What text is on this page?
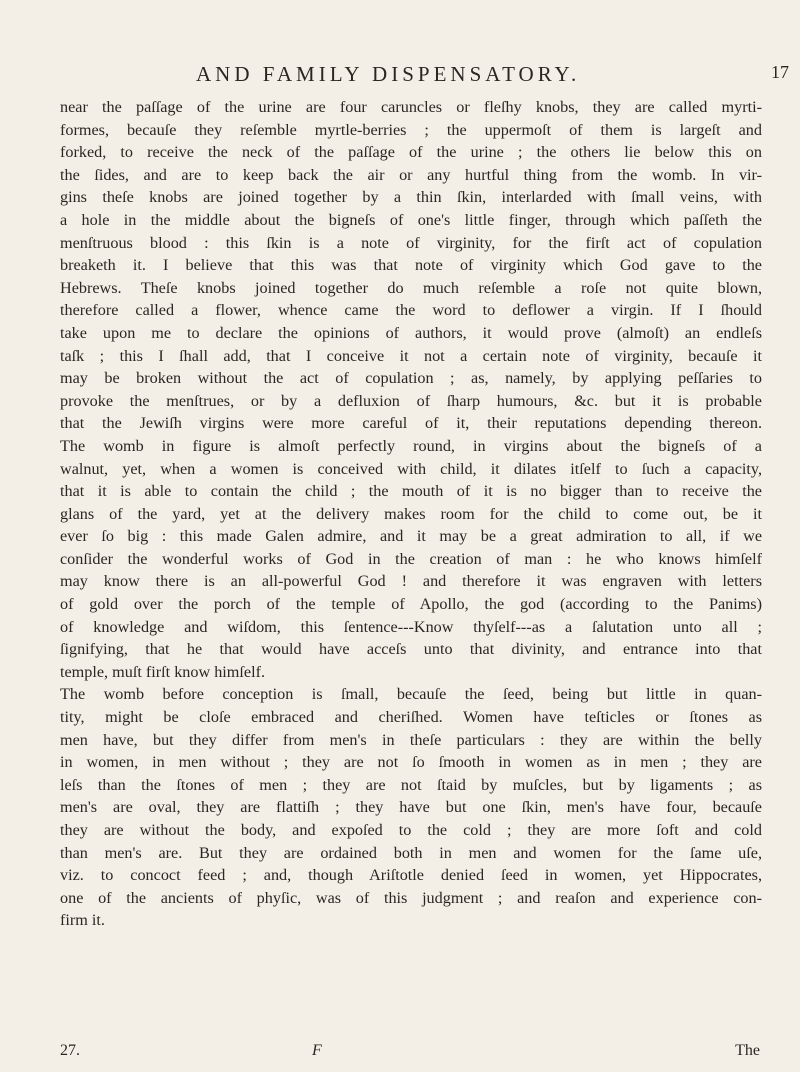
AND FAMILY DISPENSATORY.	17
near the paſſage of the urine are four caruncles or fleſhy knobs, they are called myrti-
formes, becauſe they reſemble myrtle-berries ; the uppermoſt of them is largeſt and
forked, to receive the neck of the paſſage of the urine ; the others lie below this on
the ſides, and are to keep back the air or any hurtful thing from the womb. In vir-
gins theſe knobs are joined together by a thin ſkin, interlarded with ſmall veins, with
a hole in the middle about the bigneſs of one's little finger, through which paſſeth the
menſtruous blood : this ſkin is a note of virginity, for the firſt act of copulation
breaketh it. I believe that this was that note of virginity which God gave to the
Hebrews. Theſe knobs joined together do much reſemble a roſe not quite blown,
therefore called a flower, whence came the word to deflower a virgin. If I ſhould
take upon me to declare the opinions of authors, it would prove (almoſt) an endleſs
taſk ; this I ſhall add, that I conceive it not a certain note of virginity, becauſe it
may be broken without the act of copulation ; as, namely, by applying peſſaries to
provoke the menſtrues, or by a defluxion of ſharp humours, &c. but it is probable
that the Jewiſh virgins were more careful of it, their reputations depending thereon.
The womb in figure is almoſt perfectly round, in virgins about the bigneſs of a
walnut, yet, when a women is conceived with child, it dilates itſelf to ſuch a capacity,
that it is able to contain the child ; the mouth of it is no bigger than to receive the
glans of the yard, yet at the delivery makes room for the child to come out, be it
ever ſo big : this made Galen admire, and it may be a great admiration to all, if we
conſider the wonderful works of God in the creation of man : he who knows himſelf
may know there is an all-powerful God ! and therefore it was engraven with letters
of gold over the porch of the temple of Apollo, the god (according to the Panims)
of knowledge and wiſdom, this ſentence---Know thyſelf---as a ſalutation unto all ;
ſignifying, that he that would have acceſs unto that divinity, and entrance into that
temple, muſt firſt know himſelf.
The womb before conception is ſmall, becauſe the ſeed, being but little in quan-
tity, might be cloſe embraced and cheriſhed. Women have teſticles or ſtones as
men have, but they differ from men's in theſe particulars : they are within the belly
in women, in men without ; they are not ſo ſmooth in women as in men ; they are
leſs than the ſtones of men ; they are not ſtaid by muſcles, but by ligaments ; as
men's are oval, they are flattiſh ; they have but one ſkin, men's have four, becauſe
they are without the body, and expoſed to the cold ; they are more ſoft and cold
than men's are. But they are ordained both in men and women for the ſame uſe,
viz. to concoct feed ; and, though Ariſtotle denied ſeed in women, yet Hippocrates,
one of the ancients of phyſic, was of this judgment ; and reaſon and experience con-
firm it.
27.	F	The
